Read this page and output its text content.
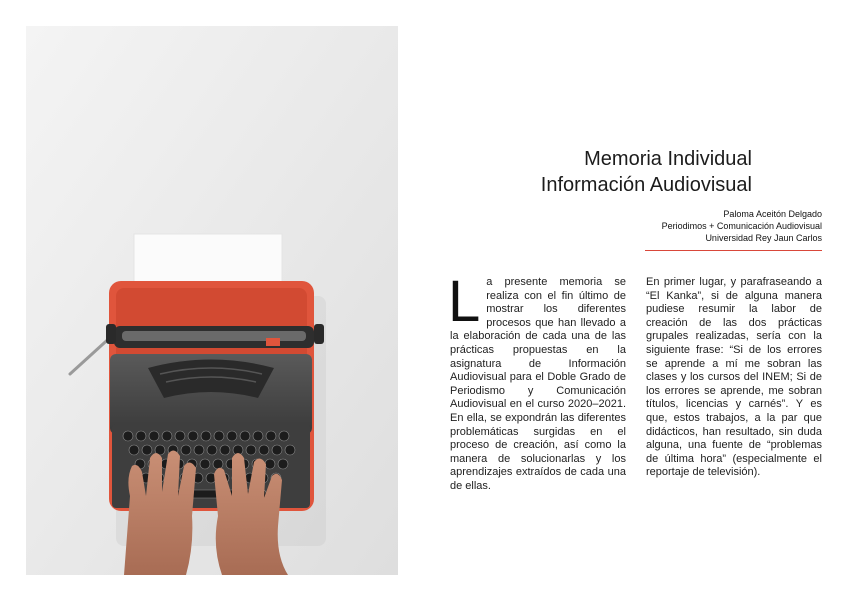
Memoria Individual
Información Audiovisual
Paloma Aceitón Delgado
Periodimos + Comunicación Audiovisual
Universidad Rey Jaun Carlos
La presente memoria se realiza con el fin último de mostrar los diferentes procesos que han llevado a la elaboración de cada una de las prácticas propuestas en la asignatura de Información Audiovisual para el Doble Grado de Periodismo y Comunicación Audiovisual en el curso 2020–2021. En ella, se expondrán las diferentes problemáticas surgidas en el proceso de creación, así como la manera de solucionarlas y los aprendizajes extraídos de cada una de ellas.
En primer lugar, y parafraseando a “El Kanka”, si de alguna manera pudiese resumir la labor de creación de las dos prácticas grupales realizadas, sería con la siguiente frase: “Si de los errores se aprende a mí me sobran las clases y los cursos del INEM; Si de los errores se aprende, me sobran títulos, licencias y carnés”. Y es que, estos trabajos, a la par que didácticos, han resultado, sin duda alguna, una fuente de “problemas de última hora” (especialmente el reportaje de televisión).
